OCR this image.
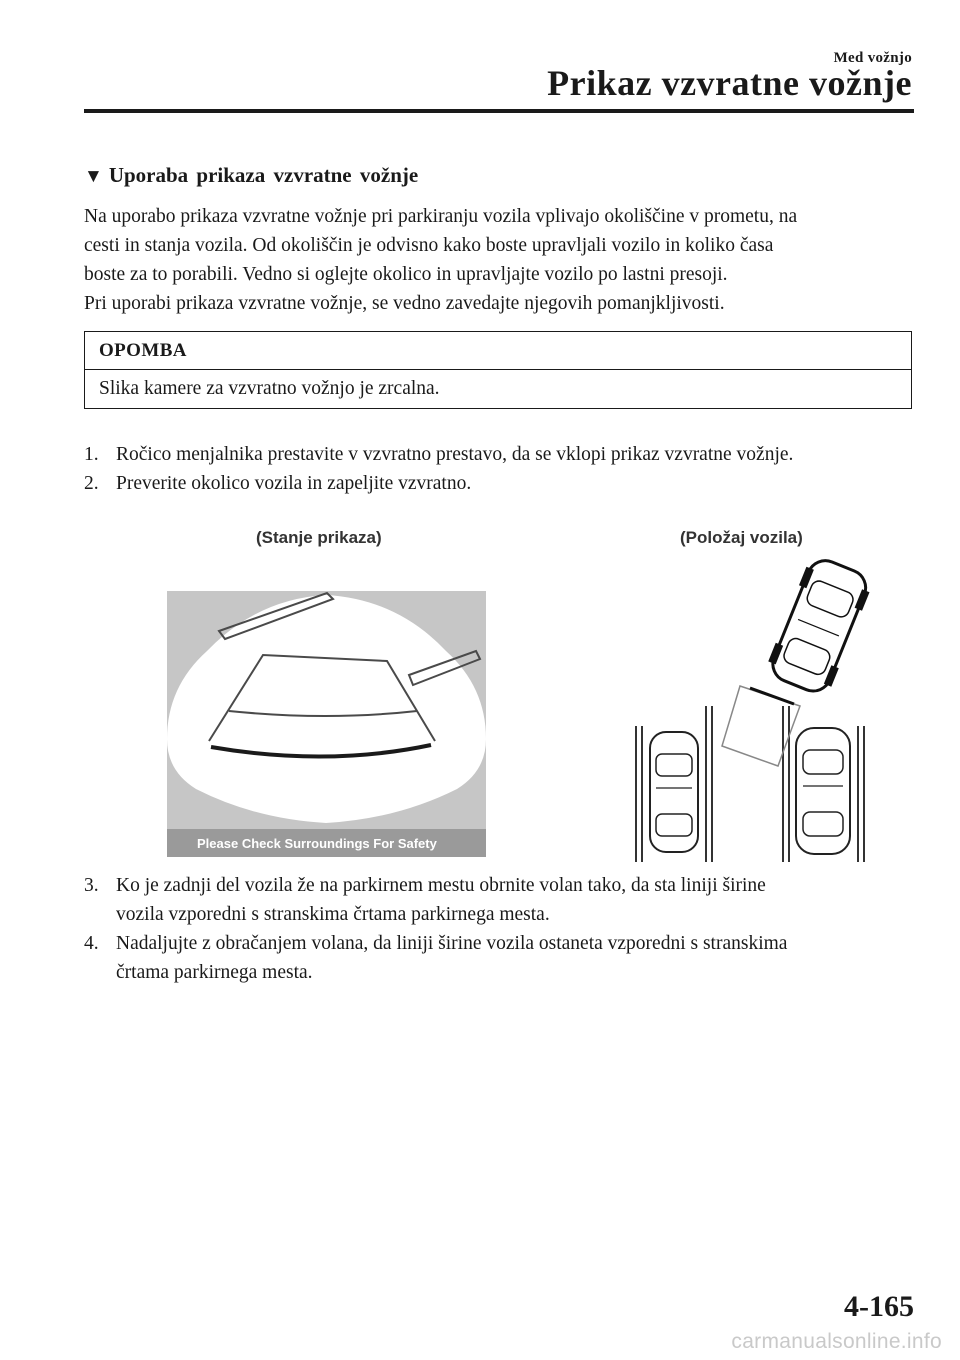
Med vožnjo
Prikaz vzvratne vožnje
▼ Uporaba prikaza vzvratne vožnje

Na uporabo prikaza vzvratne vožnje pri parkiranju vozila vplivajo okoliščine v prometu, na

cesti in stanja vozila. Od okoliščin je odvisno kako boste upravljali vozilo in koliko časa

boste za to porabili. Vedno si oglejte okolico in upravljajte vozilo po lastni presoji.

Pri uporabi prikaza vzvratne vožnje, se vedno zavedajte njegovih pomanjkljivosti.

OPOMBA
Slika kamere za vzvratno vožnjo je zrcalna.
1. Ročico menjalnika prestavite v vzvratno prestavo, da se vklopi prikaz vzvratne vožnje.
2. Preverite okolico vozila in zapeljite vzvratno.
(Stanje prikaza)	(Položaj vozila)
Please Check Surroundings For Safety
3. Ko je zadnji del vozila že na parkirnem mestu obrnite volan tako, da sta liniji širine
vozila vzporedni s stranskima črtama parkirnega mesta.
4. Nadaljujte z obračanjem volana, da liniji širine vozila ostaneta vzporedni s stranskima
črtama parkirnega mesta.
4-165
carmanualsonline.info
